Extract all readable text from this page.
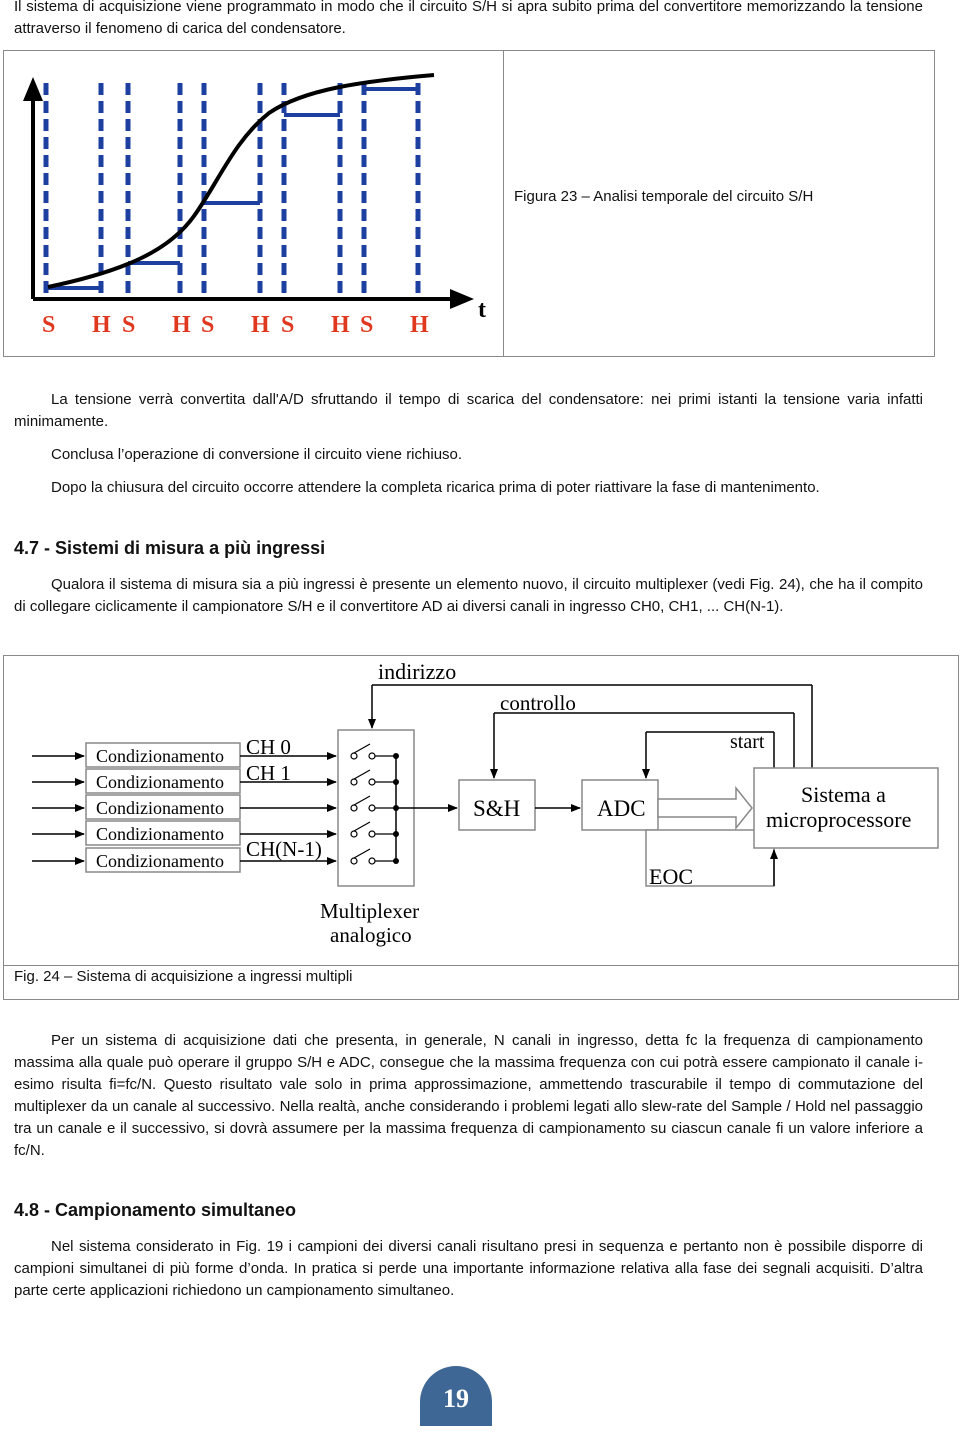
Il sistema di acquisizione viene programmato in modo che il circuito S/H si apra subito prima del convertitore memorizzando la tensione attraverso il fenomeno di carica del condensatore.

t
S H S H S H S H S H
Figura 23 – Analisi temporale del circuito S/H

La tensione verrà convertita dall'A/D sfruttando il tempo di scarica del condensatore: nei primi istanti la tensione varia infatti minimamente.

Conclusa l’operazione di conversione il circuito viene richiuso.

Dopo la chiusura del circuito occorre attendere la completa ricarica prima di poter riattivare la fase di mantenimento.

4.7 - Sistemi di misura a più ingressi

Qualora il sistema di misura sia a più ingressi è presente un elemento nuovo, il circuito multiplexer (vedi Fig. 24), che ha il compito di collegare ciclicamente il campionatore S/H e il convertitore AD ai diversi canali in ingresso CH0, CH1, ... CH(N-1).

Condizionamento
Condizionamento
Condizionamento
Condizionamento
Condizionamento
CH 0
CH 1
CH(N-1)
indirizzo
controllo
start
S&H	ADC
EOC
Sistema a
microprocessore
Multiplexer
analogico
Fig. 24 – Sistema di acquisizione a ingressi multipli

Per un sistema di acquisizione dati che presenta, in generale, N canali in ingresso, detta fc la frequenza di campionamento massima alla quale può operare il gruppo S/H e ADC, consegue che la massima frequenza con cui potrà essere campionato il canale i-esimo risulta fi=fc/N. Questo risultato vale solo in prima approssimazione, ammettendo trascurabile il tempo di commutazione del multiplexer da un canale al successivo. Nella realtà, anche considerando i problemi legati allo slew-rate del Sample / Hold nel passaggio tra un canale e il successivo, si dovrà assumere per la massima frequenza di campionamento su ciascun canale fi un valore inferiore a fc/N.

4.8 - Campionamento simultaneo

Nel sistema considerato in Fig. 19 i campioni dei diversi canali risultano presi in sequenza e pertanto non è possibile disporre di campioni simultanei di più forme d’onda. In pratica si perde una importante informazione relativa alla fase dei segnali acquisiti. D’altra parte certe applicazioni richiedono un campionamento simultaneo.

19
